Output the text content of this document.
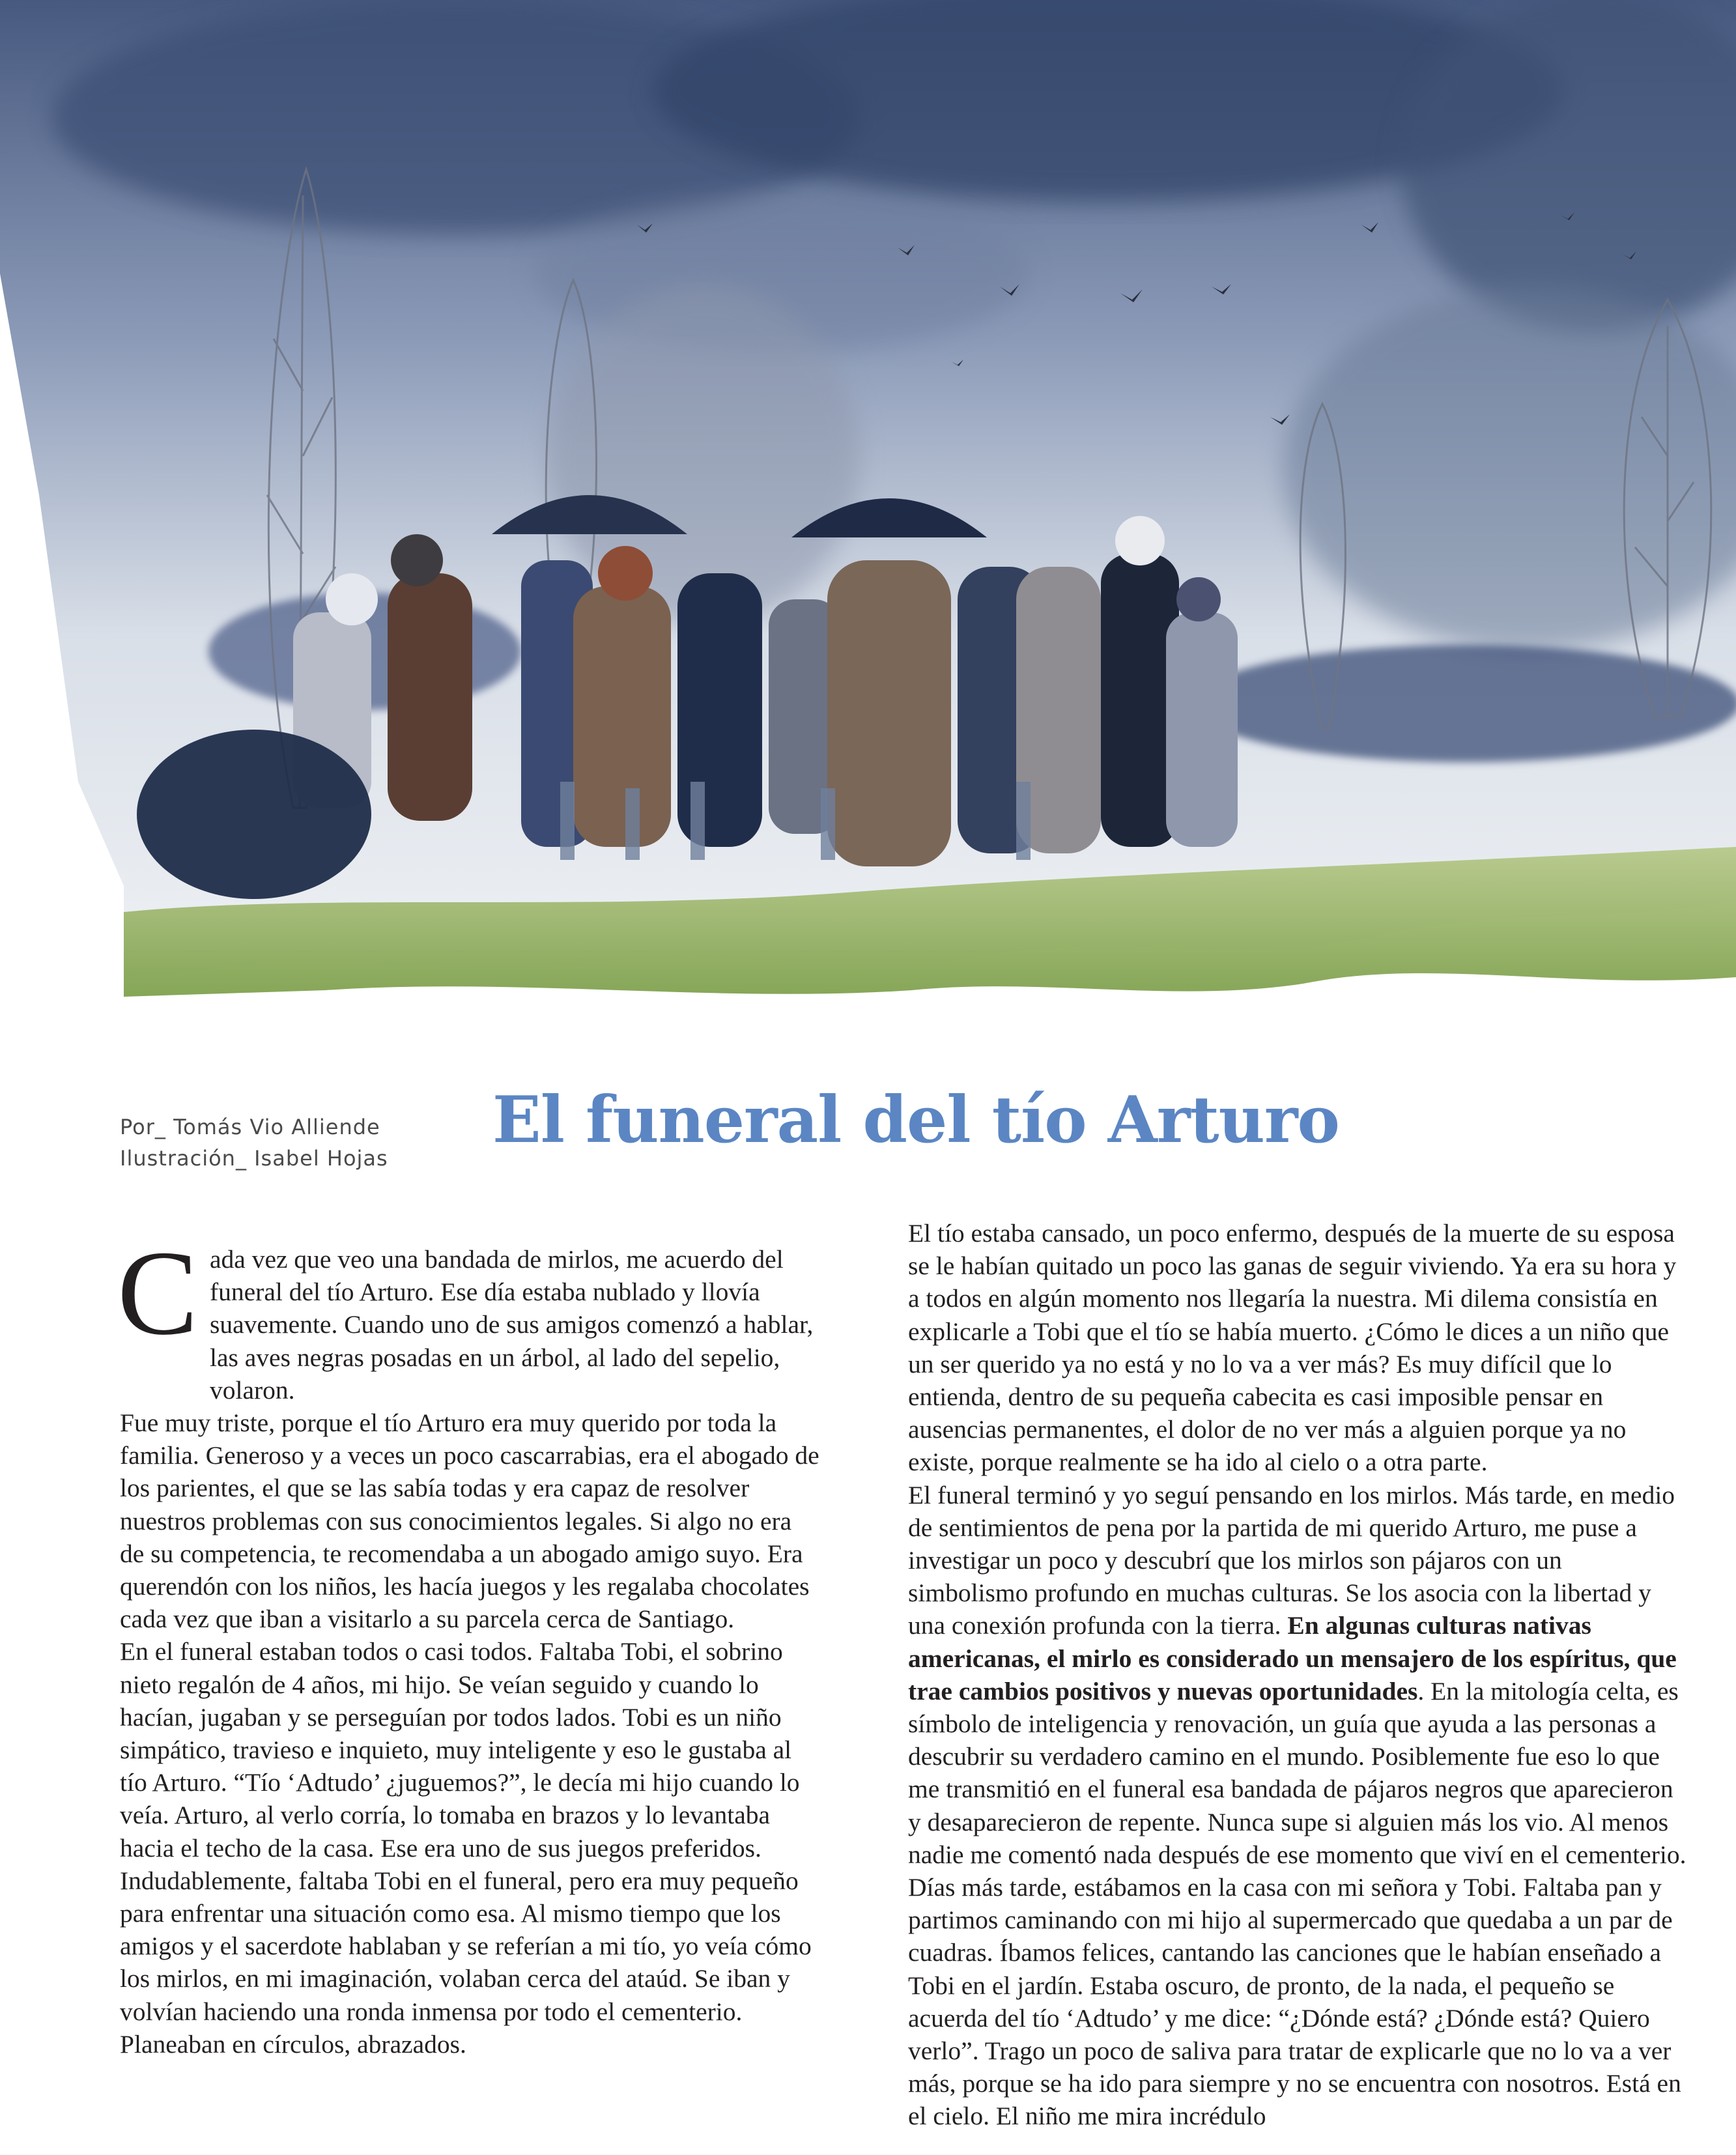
Por_ Tomás Vio Alliende
Ilustración_ Isabel Hojas
El funeral del tío Arturo

C ada vez que veo una bandada de mirlos, me acuerdo del funeral del tío Arturo. Ese día estaba nublado y llovía suavemente. Cuando uno de sus amigos comenzó a hablar, las aves negras posadas en un árbol, al lado del sepelio, volaron.

Fue muy triste, porque el tío Arturo era muy querido por toda la familia. Generoso y a veces un poco cascarrabias, era el abogado de los parientes, el que se las sabía todas y era capaz de resolver nuestros problemas con sus conocimientos legales. Si algo no era de su competencia, te recomendaba a un abogado amigo suyo. Era querendón con los niños, les hacía juegos y les regalaba chocolates cada vez que iban a visitarlo a su parcela cerca de Santiago.

En el funeral estaban todos o casi todos. Faltaba Tobi, el sobrino nieto regalón de 4 años, mi hijo. Se veían seguido y cuando lo hacían, jugaban y se perseguían por todos lados. Tobi es un niño simpático, travieso e inquieto, muy inteligente y eso le gustaba al tío Arturo. “Tío ‘Adtudo’ ¿juguemos?”, le decía mi hijo cuando lo veía. Arturo, al verlo corría, lo tomaba en brazos y lo levantaba hacia el techo de la casa. Ese era uno de sus juegos preferidos. Indudablemente, faltaba Tobi en el funeral, pero era muy pequeño para enfrentar una situación como esa. Al mismo tiempo que los amigos y el sacerdote hablaban y se referían a mi tío, yo veía cómo los mirlos, en mi imaginación, volaban cerca del ataúd. Se iban y volvían haciendo una ronda inmensa por todo el cementerio. Planeaban en círculos, abrazados.

El tío estaba cansado, un poco enfermo, después de la muerte de su esposa se le habían quitado un poco las ganas de seguir viviendo. Ya era su hora y a todos en algún momento nos llegaría la nuestra. Mi dilema consistía en explicarle a Tobi que el tío se había muerto. ¿Cómo le dices a un niño que un ser querido ya no está y no lo va a ver más? Es muy difícil que lo entienda, dentro de su pequeña cabecita es casi imposible pensar en ausencias permanentes, el dolor de no ver más a alguien porque ya no existe, porque realmente se ha ido al cielo o a otra parte.

El funeral terminó y yo seguí pensando en los mirlos. Más tarde, en medio de sentimientos de pena por la partida de mi querido Arturo, me puse a investigar un poco y descubrí que los mirlos son pájaros con un simbolismo profundo en muchas culturas. Se los asocia con la libertad y una conexión profunda con la tierra. En algunas culturas nativas americanas, el mirlo es considerado un mensajero de los espíritus, que trae cambios positivos y nuevas oportunidades. En la mitología celta, es símbolo de inteligencia y renovación, un guía que ayuda a las personas a descubrir su verdadero camino en el mundo. Posiblemente fue eso lo que me transmitió en el funeral esa bandada de pájaros negros que aparecieron y desaparecieron de repente. Nunca supe si alguien más los vio. Al menos nadie me comentó nada después de ese momento que viví en el cementerio. Días más tarde, estábamos en la casa con mi señora y Tobi. Faltaba pan y partimos caminando con mi hijo al supermercado que quedaba a un par de cuadras. Íbamos felices, cantando las canciones que le habían enseñado a Tobi en el jardín. Estaba oscuro, de pronto, de la nada, el pequeño se acuerda del tío ‘Adtudo’ y me dice: “¿Dónde está? ¿Dónde está? Quiero verlo”. Trago un poco de saliva para tratar de explicarle que no lo va a ver más, porque se ha ido para siempre y no se encuentra con nosotros. Está en el cielo. El niño me mira incrédulo
